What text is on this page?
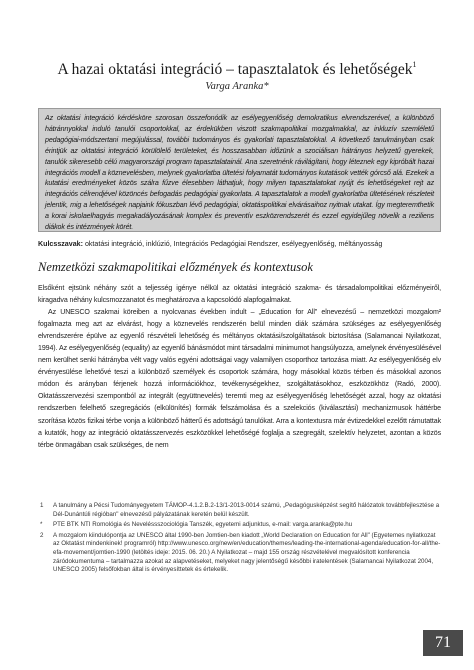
A hazai oktatási integráció – tapasztalatok és lehetőségek$^1$
Varga Aranka*

Az oktatási integráció kérdésköre szorosan összefonódik az esélyegyenlőség demokratikus elvrendszerével, a különböző hátránnyokkal induló tanulói csoportokkal, az érdekükben viszott szakmapolitikai mozgalmakkal, az inkluzív szemléletű pedagógiai-módszertani megújulással, további tudományos és gyakorlati tapasztalatokkal. A következő tanulmányban csak érintjük az oktatási integráció körülölelő területeket, és hosszasabban időzünk a szociálisan hátrányos helyzetű gyerekek, tanulók sikeresebb célú magyarországi program tapasztalatainál. Ana szeretnénk rávilágítani, hogy léteznek egy kipróbált hazai integrációs modell a köznevelésben, melynek gyakorlatba ültetési folyamatát tudományos kutatások vették górcső alá. Ezekek a kutatási eredményeket közös szálra fűzve élesebben láthatjuk, hogy milyen tapasztalatokat nyújt és lehetőségeket rejt az integrációs célrendjével közöncés befogadás pedagógiai gyakorlata. A tapasztalatok a modell gyakorlatba ültetésének részleteit jelentik, mig a lehetőségek napjaink fókuszban lévő pedagógiai, oktatáspolitikai elvárásaihoz nyitnak utakat. Így megteremthetik a korai iskolaelhagyás megakadályozásának komplex és preventív eszközrendszerét és ezzel egyidejűleg növelik a reziliens diákok és intézmények körét.

Kulcsszavak: oktatási integráció, inklúzió, Integrációs Pedagógiai Rendszer, esélyegyenlőség, méltányosság
Nemzetközi szakmapolitikai előzmények és kontextusok

Elsőként ejtsünk néhány szót a teljesség igénye nélkül az oktatási integráció szakma- és társadalompolitikai előzményeiről, kiragadva néhány kulcsmozzanatot és meghatározva a kapcsolódó alapfogalmakat.

Az UNESCO szakmai köreiben a nyolcvanas években indult – „Education for All" elnevezésű – nemzetközi mozgalom² fogalmazta meg azt az elvárást, hogy a köznevelés rendszerén belül minden diák számára szükséges az esélyegyenlőség elvrendszerére épülve az egyenlő részvételi lehetőség és méltányos oktatási/szolgáltatások biztosítása (Salamancai Nyilatkozat, 1994). Az esélyegyenlőség (equality) az egyenlő bánásmódot mint társadalmi minimumot hangsúlyozza, amelynek érvényesülésével nem kerülhet senki hátrányba vélt vagy valós egyéni adottságai vagy valamilyen csoporthoz tartozása miatt. Az esélyegyenlőség elv érvényesülése lehetővé teszi a különböző személyek és csoportok számára, hogy másokkal közös térben és másokkal azonos módon és arányban férjenek hozzá információkhoz, tevékenységekhez, szolgáltatásokhoz, eszközökhöz (Radó, 2000). Oktatásszervezési szempontból az integrált (együttnevelés) teremti meg az esélyegyenlőség lehetőségét azzal, hogy az oktatási rendszerben felelhető szegregációs (elkülönítés) formák felszámolása és a szelekciós (kiválasztási) mechanizmusok háttérbe szorítása közös fizikai térbe vonja a különböző hátterű és adottságú tanulókat. Arra a kontextusra már évtizedekkel ezelőtt rámutattak a kutatók, hogy az integráció oktatásszervezés eszközökkel lehetőségé foglalja a szegregált, szelektív helyzetet, azontan a közös térbe önmagában csak szükséges, de nem

1 A tanulmány a Pécsi Tudományegyetem TÁMOP-4.1.2.B.2-13/1-2013-0014 számú, „Pedagógusképzést segítő hálózatok továbbfejlesztése a Dél-Dunántúli régióban" elnevezésű pályázatának keretén belül készült.
* PTE BTK NTI Romológia és Neveléssszociológia Tanszék, egyetemi adjunktus, e-mail: varga.aranka@pte.hu
2 A mozgalom kiindulópontja az UNESCO által 1990-ben Jomtien-ben kiadott „World Declaration on Education for All" (Egyetemes nyilatkozat az Oktatást mindenkinek! programról) http://www.unesco.org/new/en/education/themes/leading-the-international-agenda/education-for-all/the-efa-movement/jomtien-1990 (letöltés ideje: 2015. 06. 20.) A Nyilatkozat – majd 155 ország részvételével megvalósított konferencia záródokumentuma – tartalmazza azokat az alapvetéseket, melyeket nagy jelentőségű későbbi iratelentések (Salamancai Nyilatkozat 2004, UNESCO 2005) felsőfokban által is érvényesíttetek és értekelik.
71
